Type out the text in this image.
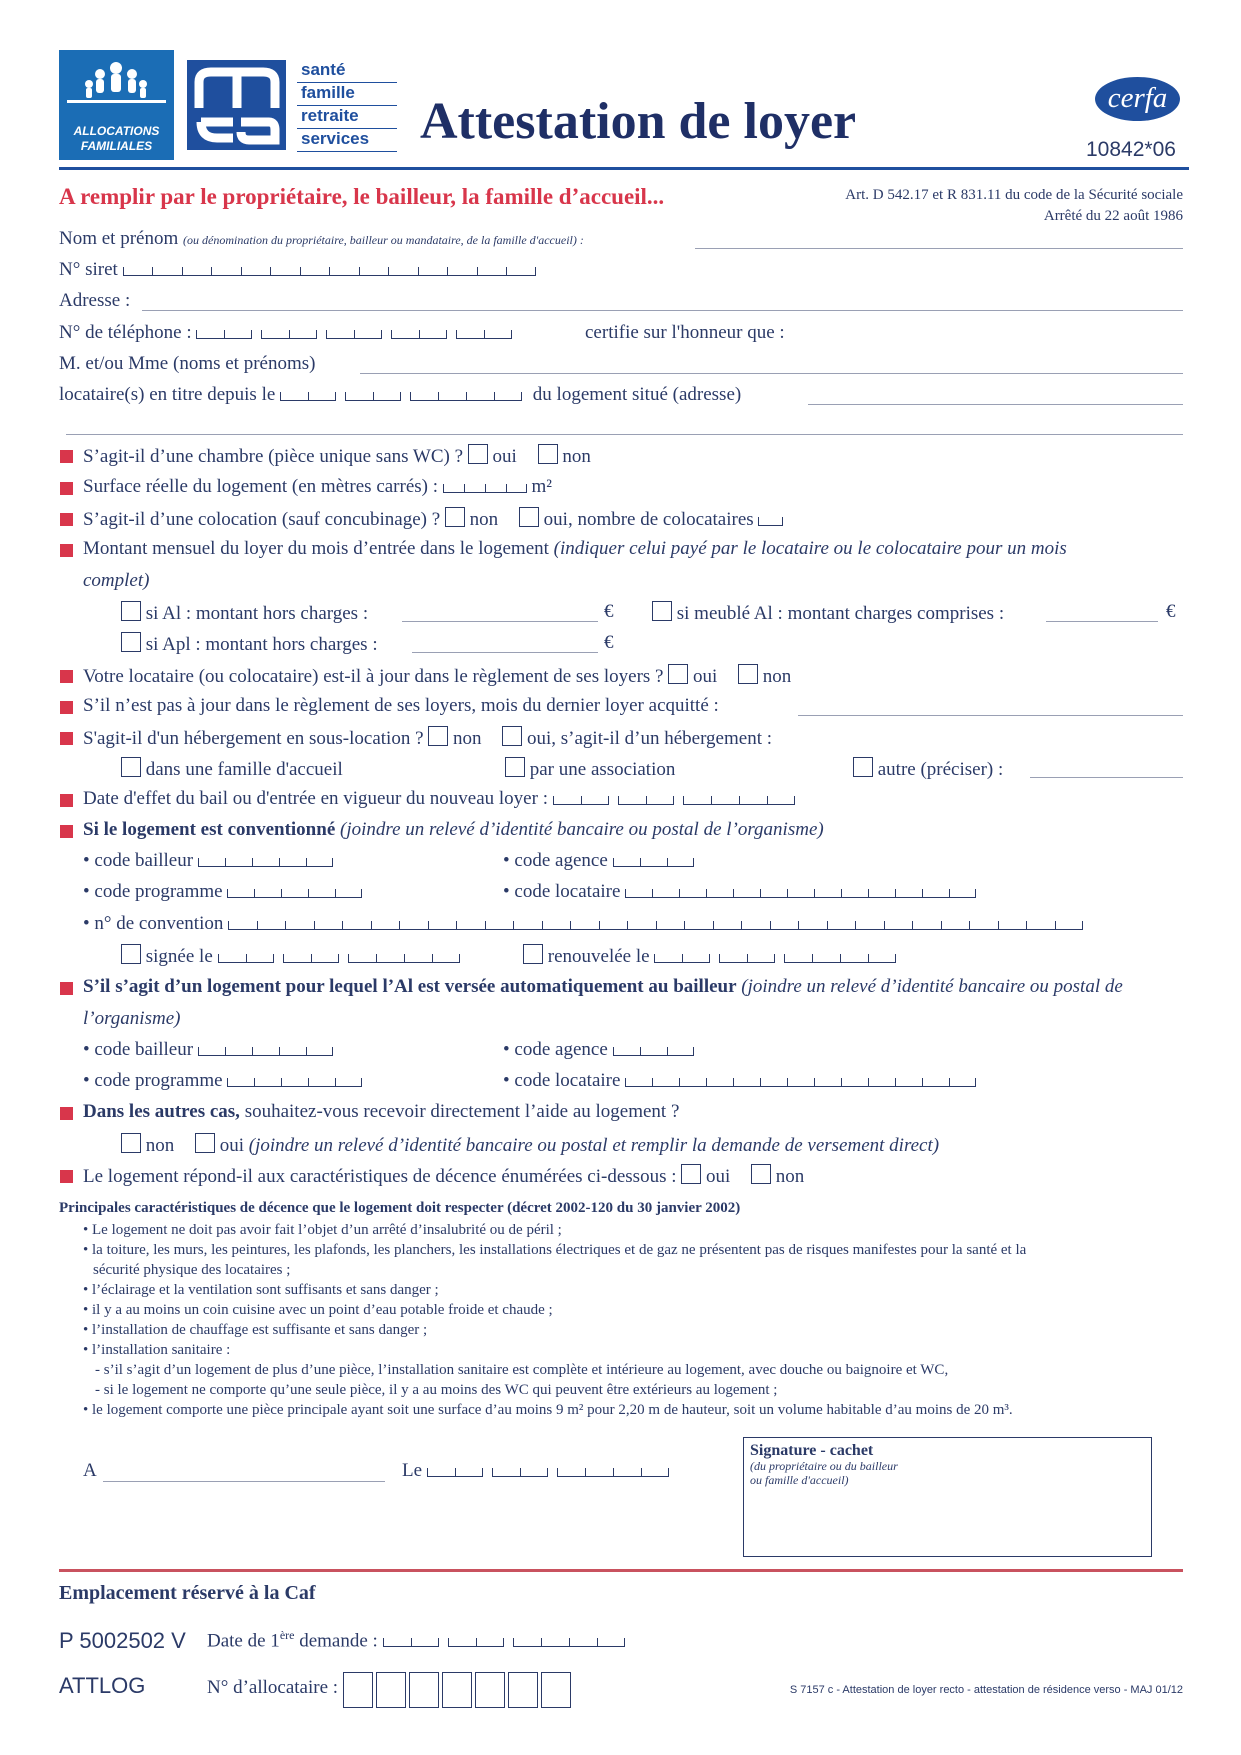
ALLOCATIONS
FAMILIALES
santé
famille
retraite
services Attestation de loyer	cerfa
10842*06
A remplir par le propriétaire, le bailleur, la famille d’accueil...	Art. D 542.17 et R 831.11 du code de la Sécurité sociale
Arrêté du 22 août 1986
Nom et prénom (ou dénomination du propriétaire, bailleur ou mandataire, de la famille d'accueil) :
N° siret
Adresse :
N° de téléphone :	certifie sur l'honneur que :
M. et/ou Mme (noms et prénoms)
locataire(s) en titre depuis le	du logement situé (adresse)
S’agit-il d’une chambre (pièce unique sans WC) ? oui non
Surface réelle du logement (en mètres carrés) :	m²
S’agit-il d’une colocation (sauf concubinage) ? non oui, nombre de colocataires
Montant mensuel du loyer du mois d’entrée dans le logement (indiquer celui payé par le locataire ou le colocataire pour un mois
complet)
si Al : montant hors charges :	€	si meublé Al : montant charges comprises :	€
si Apl : montant hors charges :	€
Votre locataire (ou colocataire) est-il à jour dans le règlement de ses loyers ? oui non
S’il n’est pas à jour dans le règlement de ses loyers, mois du dernier loyer acquitté :
S'agit-il d'un hébergement en sous-location ? non oui, s’agit-il d’un hébergement :
dans une famille d'accueil	par une association	autre (préciser) :
Date d'effet du bail ou d'entrée en vigueur du nouveau loyer :
Si le logement est conventionné (joindre un relevé d’identité bancaire ou postal de l’organisme)
• code bailleur	• code agence
• code programme	• code locataire
• n° de convention
signée le	renouvelée le
S’il s’agit d’un logement pour lequel l’Al est versée automatiquement au bailleur (joindre un relevé d’identité bancaire ou postal de
l’organisme)
• code bailleur	• code agence
• code programme	• code locataire
Dans les autres cas, souhaitez-vous recevoir directement l’aide au logement ?
non oui (joindre un relevé d’identité bancaire ou postal et remplir la demande de versement direct)
Le logement répond-il aux caractéristiques de décence énumérées ci-dessous : oui non
Principales caractéristiques de décence que le logement doit respecter (décret 2002-120 du 30 janvier 2002)
• Le logement ne doit pas avoir fait l’objet d’un arrêté d’insalubrité ou de péril ;
• la toiture, les murs, les peintures, les plafonds, les planchers, les installations électriques et de gaz ne présentent pas de risques manifestes pour la santé et la
sécurité physique des locataires ;
• l’éclairage et la ventilation sont suffisants et sans danger ;
• il y a au moins un coin cuisine avec un point d’eau potable froide et chaude ;
• l’installation de chauffage est suffisante et sans danger ;
• l’installation sanitaire :
- s’il s’agit d’un logement de plus d’une pièce, l’installation sanitaire est complète et intérieure au logement, avec douche ou baignoire et WC,
- si le logement ne comporte qu’une seule pièce, il y a au moins des WC qui peuvent être extérieurs au logement ;
• le logement comporte une pièce principale ayant soit une surface d’au moins 9 m² pour 2,20 m de hauteur, soit un volume habitable d’au moins de 20 m³.
A	Le
Signature - cachet
(du propriétaire ou du bailleur
ou famille d'accueil)
Emplacement réservé à la Caf
P 5002502 V Date de 1ère demande :
ATTLOG	N° d’allocataire :	S 7157 c - Attestation de loyer recto - attestation de résidence verso - MAJ 01/12
